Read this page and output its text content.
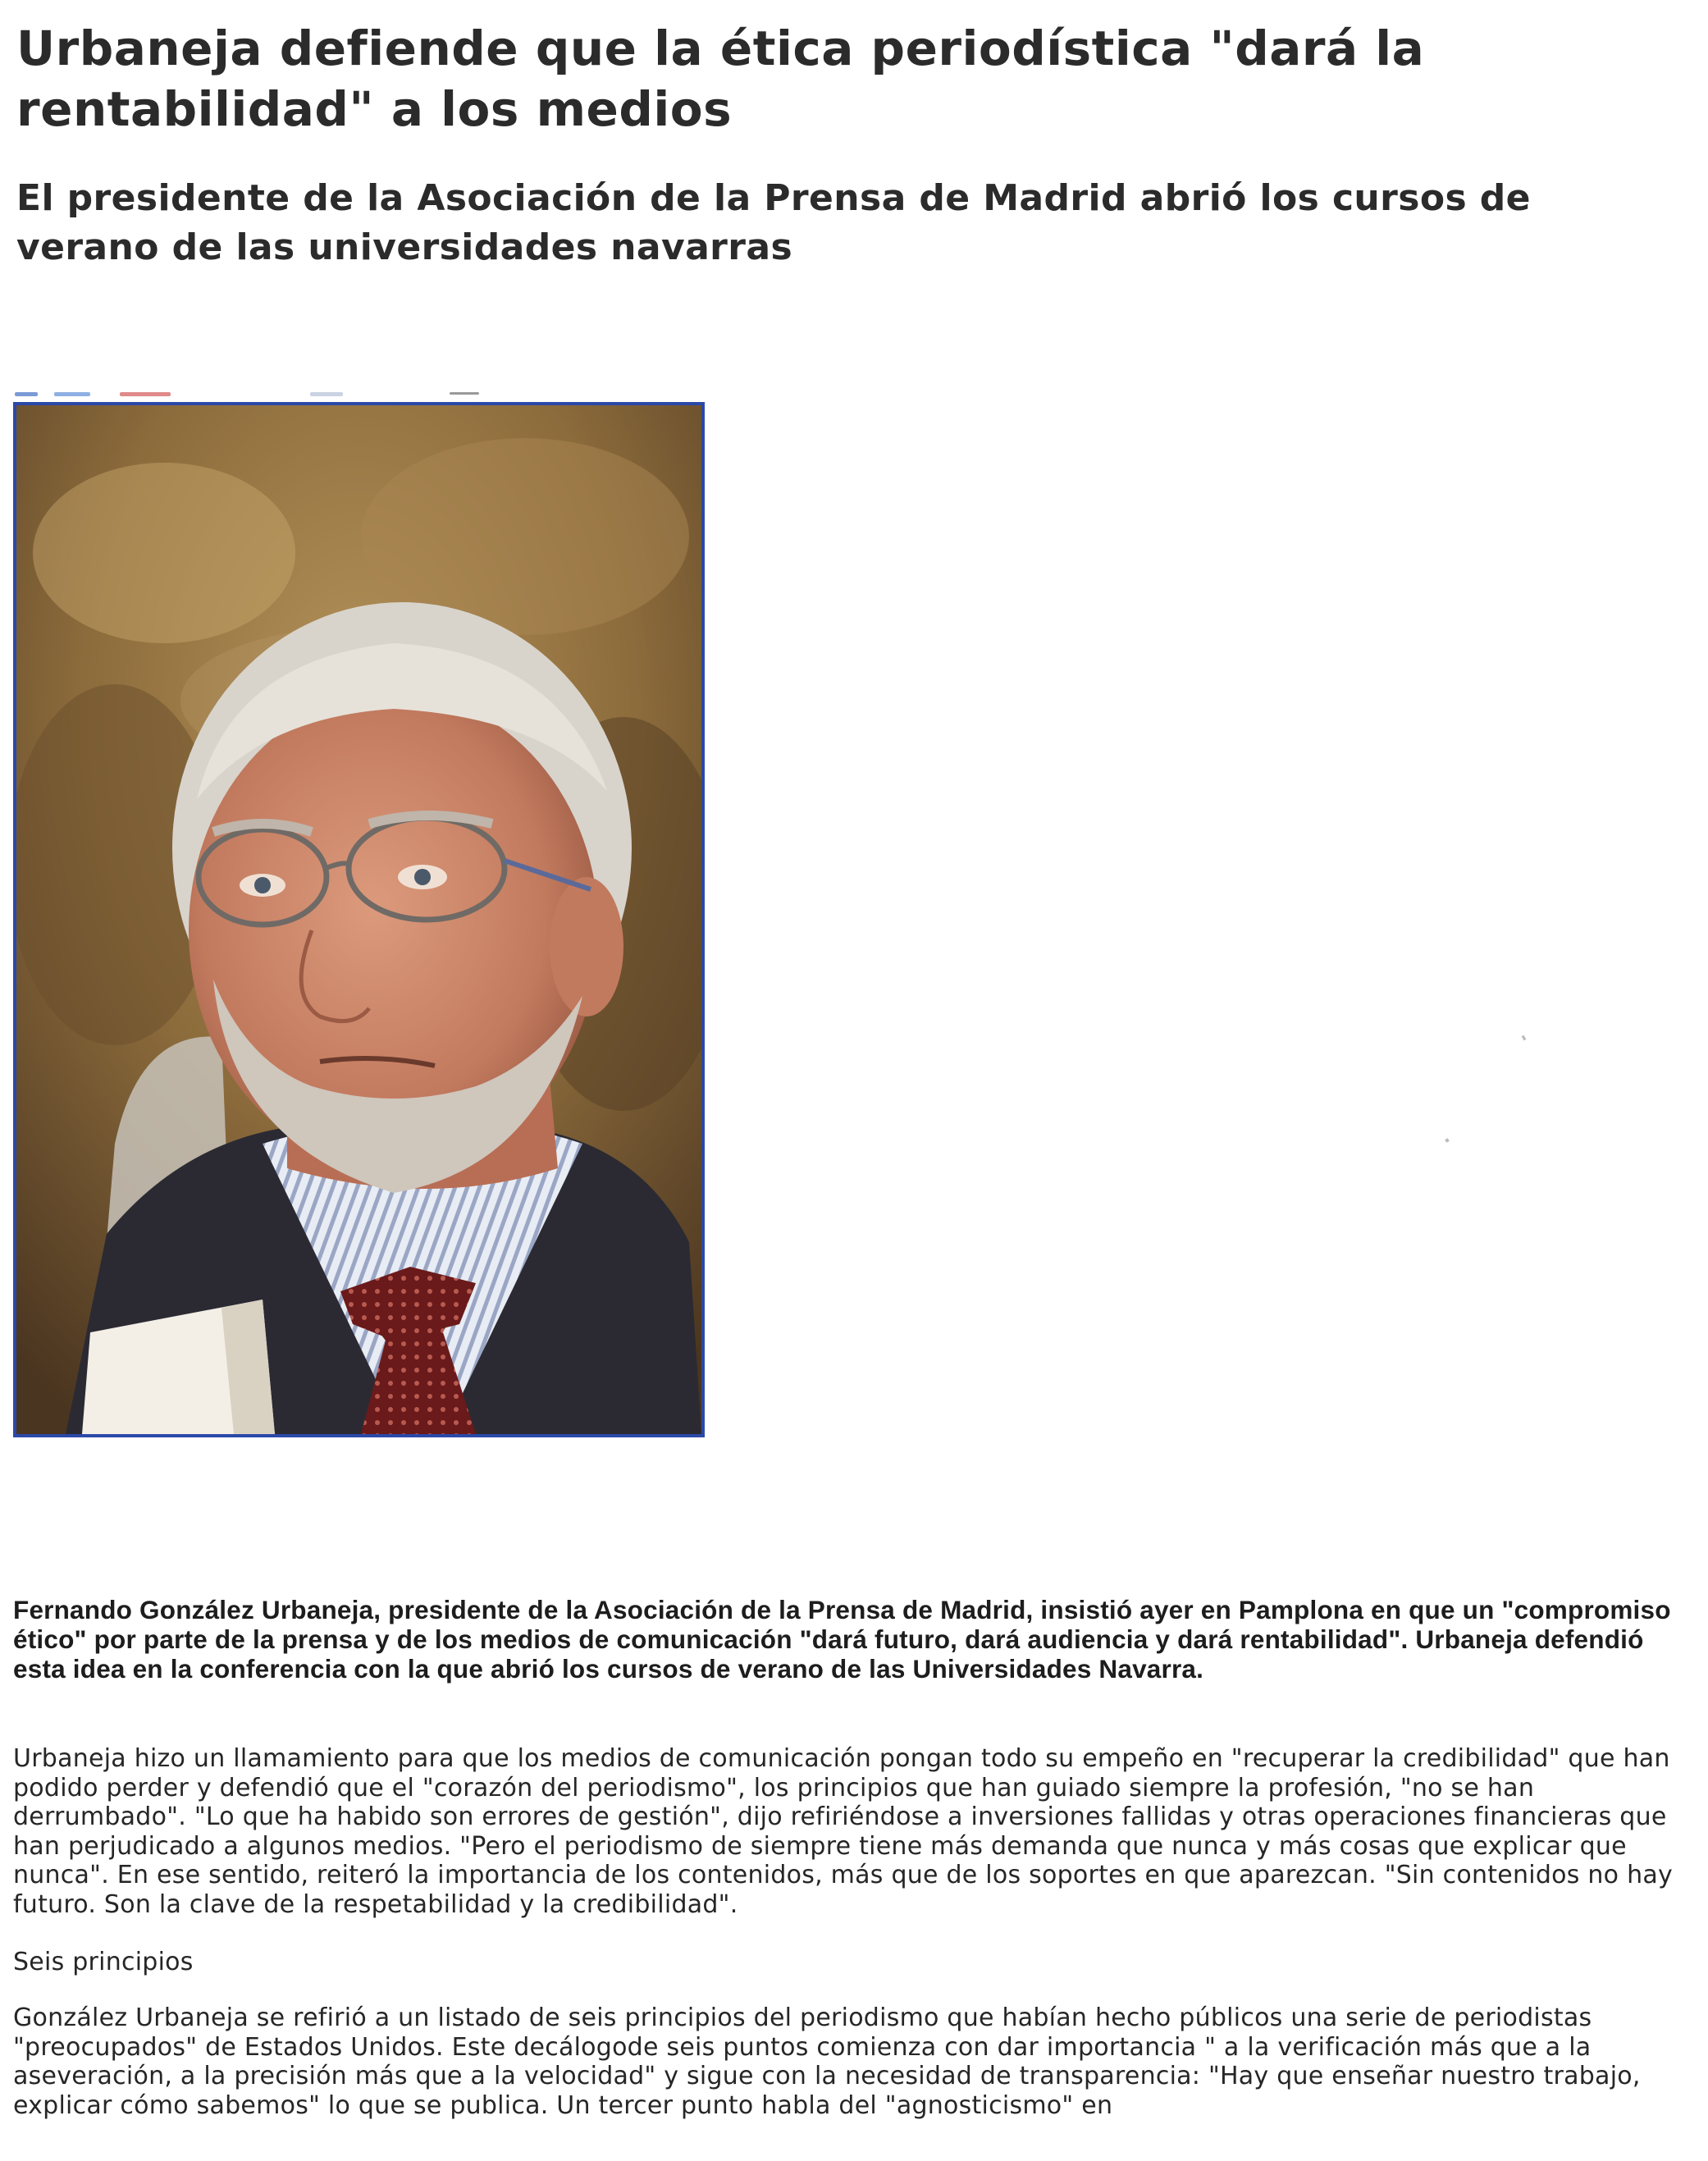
Urbaneja defiende que la ética periodística "dará la rentabilidad" a los medios
El presidente de la Asociación de la Prensa de Madrid abrió los cursos de verano de las universidades navarras

Fernando González Urbaneja, presidente de la Asociación de la Prensa de Madrid, insistió ayer en Pamplona en que un "compromiso ético" por parte de la prensa y de los medios de comunicación "dará futuro, dará audiencia y dará rentabilidad". Urbaneja defendió esta idea en la conferencia con la que abrió los cursos de verano de las Universidades Navarra.

Urbaneja hizo un llamamiento para que los medios de comunicación pongan todo su empeño en "recuperar la credibilidad" que han podido perder y defendió que el "corazón del periodismo", los principios que han guiado siempre la profesión, "no se han derrumbado". "Lo que ha habido son errores de gestión", dijo refiriéndose a inversiones fallidas y otras operaciones financieras que han perjudicado a algunos medios. "Pero el periodismo de siempre tiene más demanda que nunca y más cosas que explicar que nunca". En ese sentido, reiteró la importancia de los contenidos, más que de los soportes en que aparezcan. "Sin contenidos no hay futuro. Son la clave de la respetabilidad y la credibilidad".

Seis principios

González Urbaneja se refirió a un listado de seis principios del periodismo que habían hecho públicos una serie de periodistas "preocupados" de Estados Unidos. Este decálogode seis puntos comienza con dar importancia " a la verificación más que a la aseveración, a la precisión más que a la velocidad" y sigue con la necesidad de transparencia: "Hay que enseñar nuestro trabajo, explicar cómo sabemos" lo que se publica. Un tercer punto habla del "agnosticismo" en
